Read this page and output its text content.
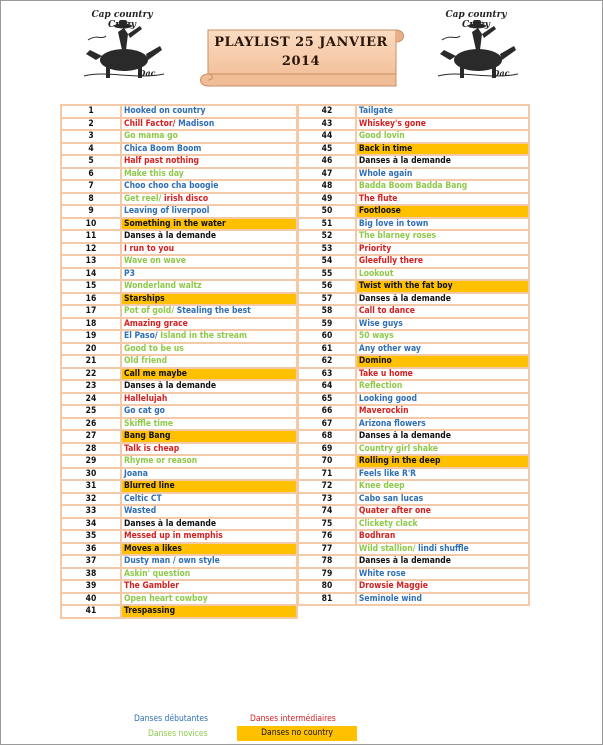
Cap country Crazy
Dac
Cap country Crazy
Dac
PLAYLIST 25 JANVIER
2014
1	Hooked on country
2	Chill Factor/ Madison
3	Go mama go
4	Chica Boom Boom
5	Half past nothing
6	Make this day
7	Choo choo cha boogie
8	Get reel/ irish disco
9	Leaving of liverpool
10	Something in the water
11	Danses à la demande
12	I run to you
13	Wave on wave
14	P3
15	Wonderland waltz
16	Starships
17	Pot of gold/ Stealing the best
18	Amazing grace
19	El Paso/ Island in the stream
20	Good to be us
21	Old friend
22	Call me maybe
23	Danses à la demande
24	Hallelujah
25	Go cat go
26	Skiffle time
27	Bang Bang
28	Talk is cheap
29	Rhyme or reason
30	Joana
31	Blurred line
32	Celtic CT
33	Wasted
34	Danses à la demande
35	Messed up in memphis
36	Moves a likes
37	Dusty man / own style
38	Askin' question
39	The Gambler
40	Open heart cowboy
41	Trespassing
42	Tailgate
43	Whiskey's gone
44	Good lovin
45	Back in time
46	Danses à la demande
47	Whole again
48	Badda Boom Badda Bang
49	The flute
50	Footloose
51	Big love in town
52	The blarney roses
53	Priority
54	Gleefully there
55	Lookout
56	Twist with the fat boy
57	Danses à la demande
58	Call to dance
59	Wise guys
60	50 ways
61	Any other way
62	Domino
63	Take u home
64	Reflection
65	Looking good
66	Maverockin
67	Arizona flowers
68	Danses à la demande
69	Country girl shake
70	Rolling in the deep
71	Feels like R'R
72	Knee deep
73	Cabo san lucas
74	Quater after one
75	Clickety clack
76	Bodhran
77	Wild stallion/ lindi shuffle
78	Danses à la demande
79	White rose
80	Drowsie Maggie
81	Seminole wind
Danses débutantes	Danses intermédiaires
Danses novices	Danses no country
